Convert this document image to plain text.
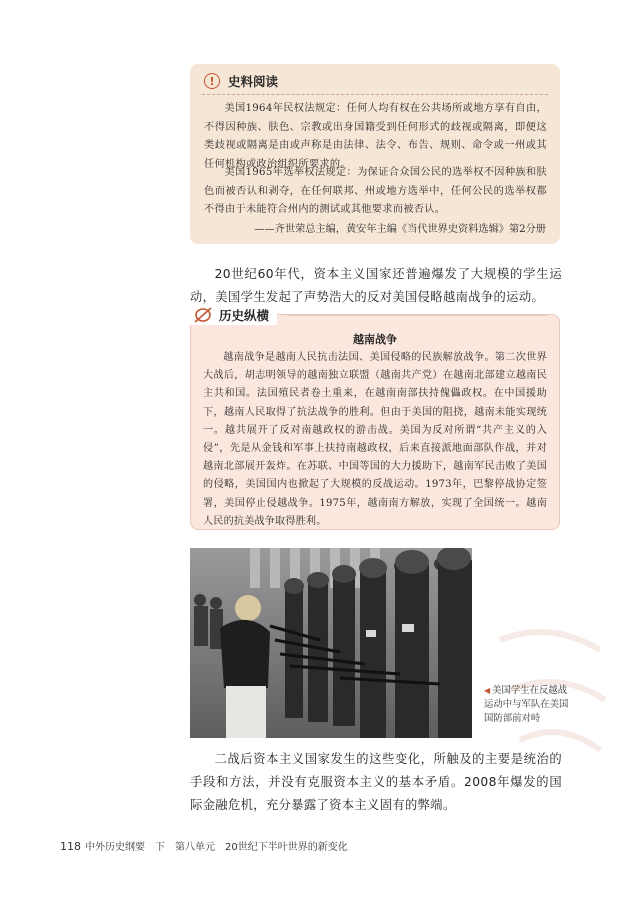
!	史料阅读

美国1964年民权法规定：任何人均有权在公共场所或地方享有自由，不得因种族、肤色、宗教或出身国籍受到任何形式的歧视或隔离，即便这类歧视或隔离是由或声称是由法律、法令、布告、规则、命令或一州或其任何机构或政治组织所要求的。

美国1965年选举权法规定：为保证合众国公民的选举权不因种族和肤色而被否认和剥夺，在任何联邦、州或地方选举中，任何公民的选举权都不得由于未能符合州内的测试或其他要求而被否认。

——齐世荣总主编，黄安年主编《当代世界史资料选辑》第2分册

20世纪60年代，资本主义国家还普遍爆发了大规模的学生运动，美国学生发起了声势浩大的反对美国侵略越南战争的运动。

历史纵横

越南战争

越南战争是越南人民抗击法国、美国侵略的民族解放战争。第二次世界大战后，胡志明领导的越南独立联盟（越南共产党）在越南北部建立越南民主共和国。法国殖民者卷土重来，在越南南部扶持傀儡政权。在中国援助下，越南人民取得了抗法战争的胜利。但由于美国的阻挠，越南未能实现统一。越共展开了反对南越政权的游击战。美国为反对所谓“共产主义的入侵”，先是从金钱和军事上扶持南越政权，后来直接派地面部队作战，并对越南北部展开轰炸。在苏联、中国等国的大力援助下，越南军民击败了美国的侵略，美国国内也掀起了大规模的反战运动。1973年，巴黎停战协定签署，美国停止侵越战争。1975年，越南南方解放，实现了全国统一。越南人民的抗美战争取得胜利。

◀ 美国学生在反越战运动中与军队在美国国防部前对峙

二战后资本主义国家发生的这些变化，所触及的主要是统治的手段和方法，并没有克服资本主义的基本矛盾。2008年爆发的国际金融危机，充分暴露了资本主义固有的弊端。

118 中外历史纲要　下　第八单元　20世纪下半叶世界的新变化
